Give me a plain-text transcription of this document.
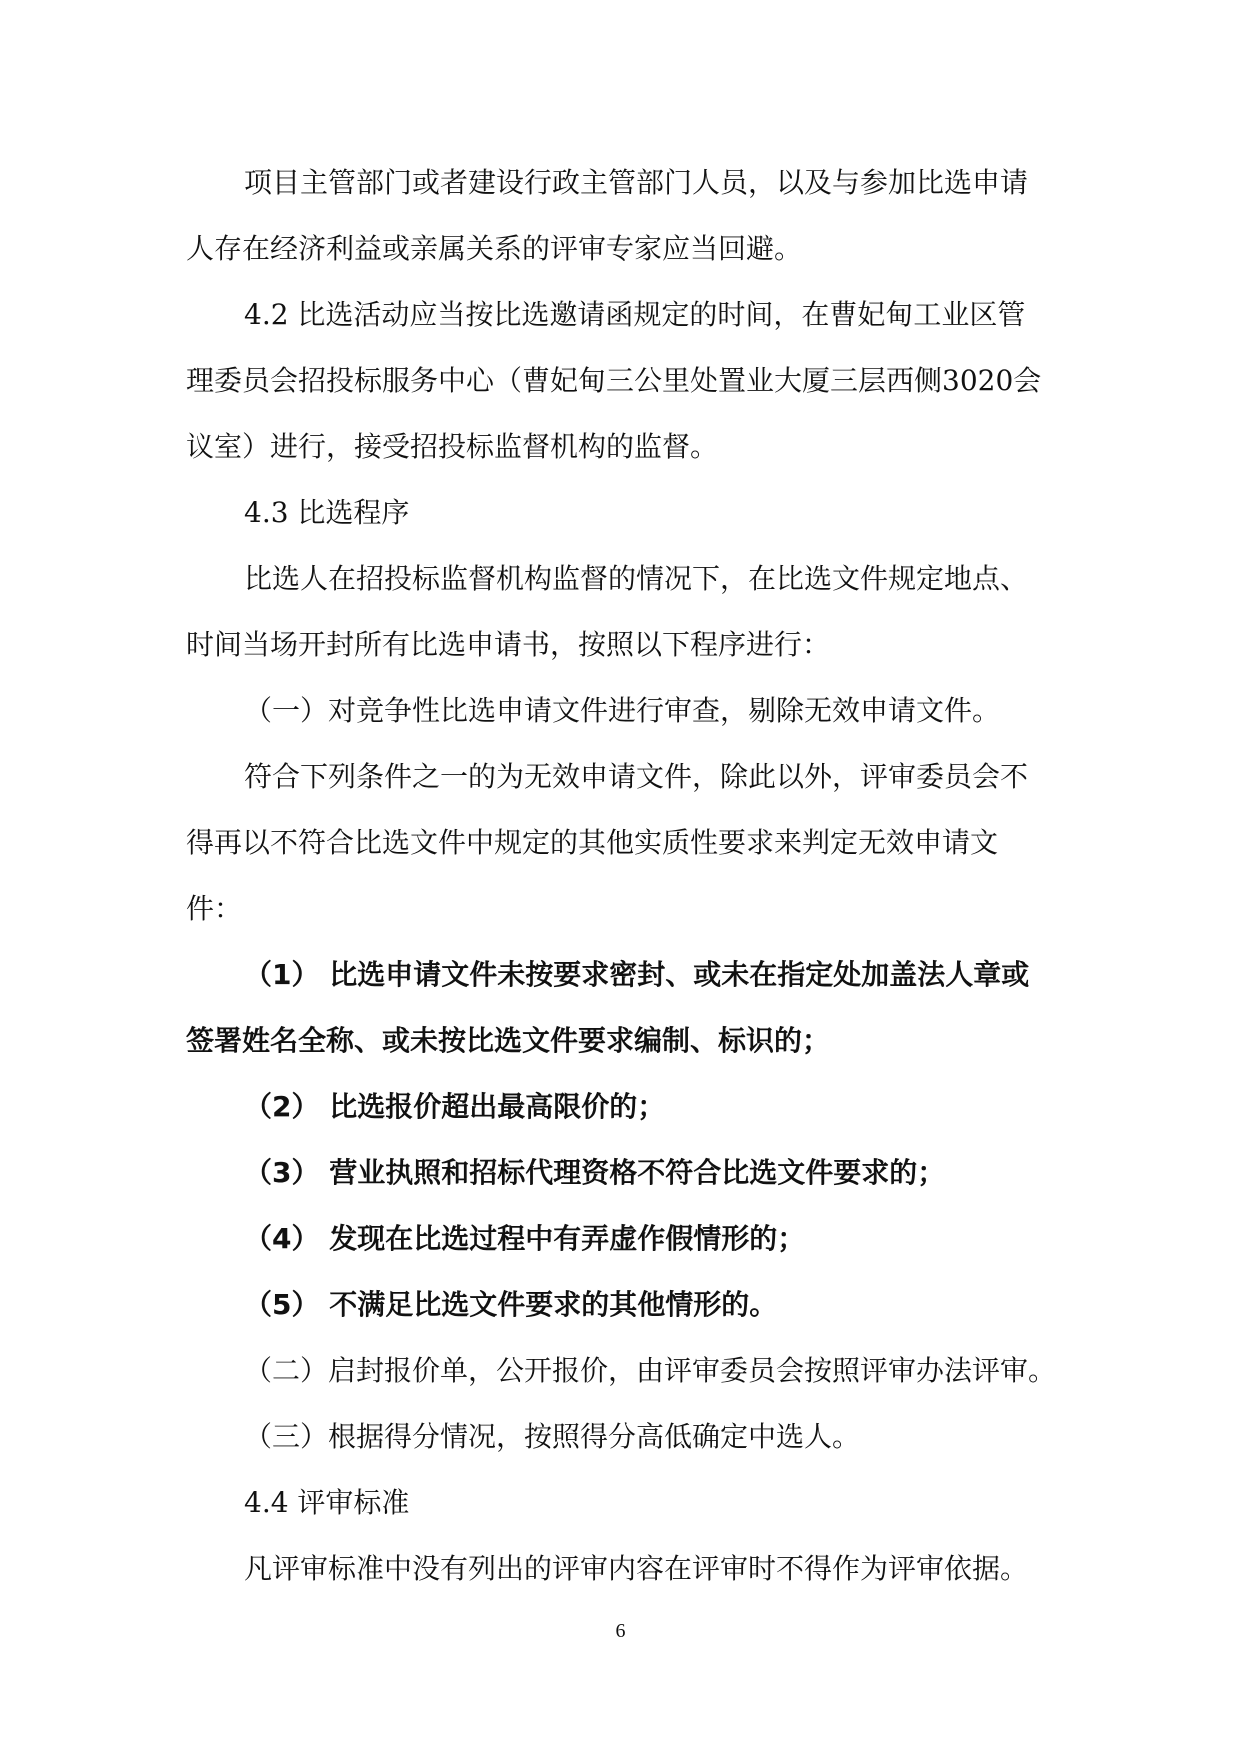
项目主管部门或者建设行政主管部门人员，以及与参加比选申请

人存在经济利益或亲属关系的评审专家应当回避。

4.2 比选活动应当按比选邀请函规定的时间，在曹妃甸工业区管

理委员会招投标服务中心（曹妃甸三公里处置业大厦三层西侧3020会

议室）进行，接受招投标监督机构的监督。

4.3 比选程序

比选人在招投标监督机构监督的情况下，在比选文件规定地点、

时间当场开封所有比选申请书，按照以下程序进行：

（一）对竞争性比选申请文件进行审查，剔除无效申请文件。

符合下列条件之一的为无效申请文件，除此以外，评审委员会不

得再以不符合比选文件中规定的其他实质性要求来判定无效申请文

件：

（1） 比选申请文件未按要求密封、或未在指定处加盖法人章或

签署姓名全称、或未按比选文件要求编制、标识的；

（2） 比选报价超出最高限价的；

（3） 营业执照和招标代理资格不符合比选文件要求的；

（4） 发现在比选过程中有弄虚作假情形的；

（5） 不满足比选文件要求的其他情形的。

（二）启封报价单，公开报价，由评审委员会按照评审办法评审。

（三）根据得分情况，按照得分高低确定中选人。

4.4 评审标准

凡评审标准中没有列出的评审内容在评审时不得作为评审依据。

6
